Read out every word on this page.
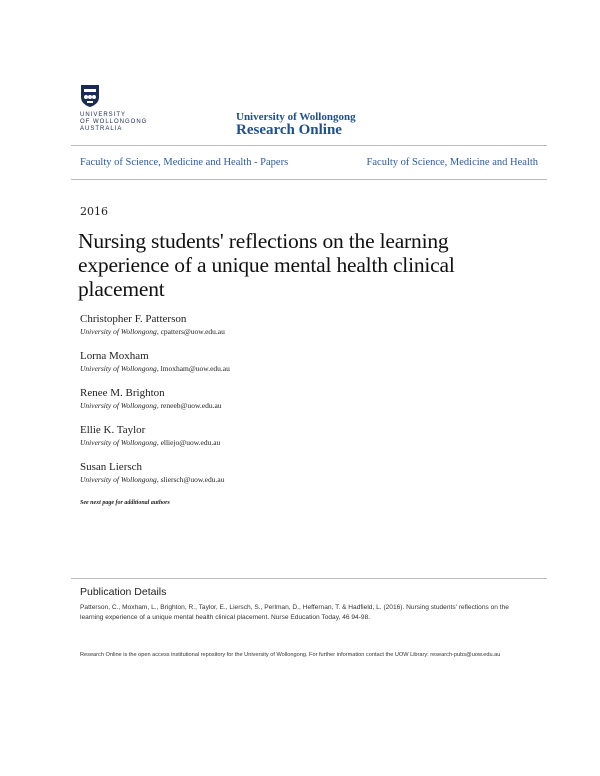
UNIVERSITY
OF WOLLONGONG
AUSTRALIA
University of Wollongong
Research Online
Faculty of Science, Medicine and Health - Papers	Faculty of Science, Medicine and Health
2016
Nursing students' reflections on the learning experience of a unique mental health clinical placement
Christopher F. Patterson
University of Wollongong, cpatters@uow.edu.au
Lorna Moxham
University of Wollongong, lmoxham@uow.edu.au
Renee M. Brighton
University of Wollongong, reneeb@uow.edu.au
Ellie K. Taylor
University of Wollongong, elliejo@uow.edu.au
Susan Liersch
University of Wollongong, sliersch@uow.edu.au
See next page for additional authors
Publication Details
Patterson, C., Moxham, L., Brighton, R., Taylor, E., Liersch, S., Perlman, D., Heffernan, T. & Hadfield, L. (2016). Nursing students' reflections on the learning experience of a unique mental health clinical placement. Nurse Education Today, 46 94-98.
Research Online is the open access institutional repository for the University of Wollongong. For further information contact the UOW Library: research-pubs@uow.edu.au
